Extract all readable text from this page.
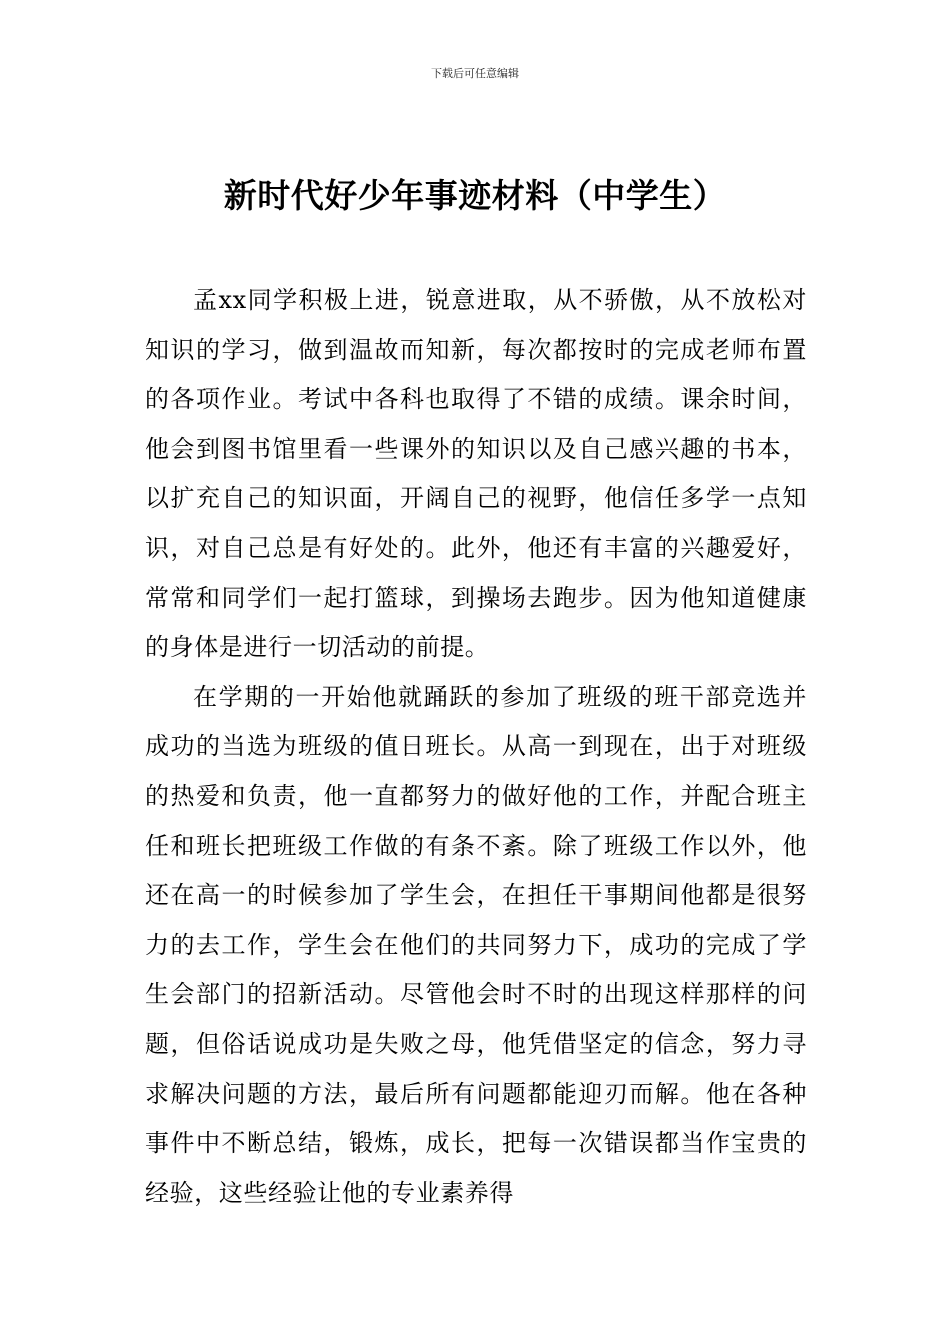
下载后可任意编辑
新时代好少年事迹材料（中学生）

孟xx同学积极上进，锐意进取，从不骄傲，从不放松对知识的学习，做到温故而知新，每次都按时的完成老师布置的各项作业。考试中各科也取得了不错的成绩。课余时间，他会到图书馆里看一些课外的知识以及自己感兴趣的书本，以扩充自己的知识面，开阔自己的视野，他信任多学一点知识，对自己总是有好处的。此外，他还有丰富的兴趣爱好，常常和同学们一起打篮球，到操场去跑步。因为他知道健康的身体是进行一切活动的前提。

在学期的一开始他就踊跃的参加了班级的班干部竞选并成功的当选为班级的值日班长。从高一到现在，出于对班级的热爱和负责，他一直都努力的做好他的工作，并配合班主任和班长把班级工作做的有条不紊。除了班级工作以外，他还在高一的时候参加了学生会，在担任干事期间他都是很努力的去工作，学生会在他们的共同努力下，成功的完成了学生会部门的招新活动。尽管他会时不时的出现这样那样的问题，但俗话说成功是失败之母，他凭借坚定的信念，努力寻求解决问题的方法，最后所有问题都能迎刃而解。他在各种事件中不断总结，锻炼，成长，把每一次错误都当作宝贵的经验，这些经验让他的专业素养得
